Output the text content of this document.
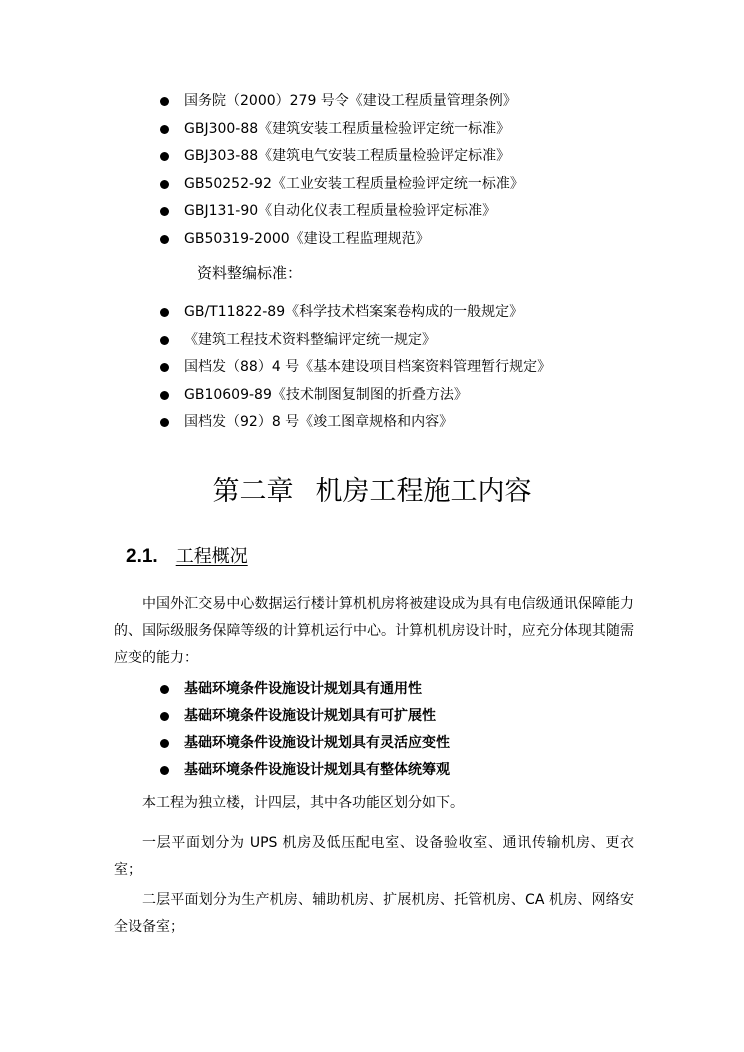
国务院（2000）279 号令《建设工程质量管理条例》
GBJ300-88《建筑安装工程质量检验评定统一标准》
GBJ303-88《建筑电气安装工程质量检验评定标准》
GB50252-92《工业安装工程质量检验评定统一标准》
GBJ131-90《自动化仪表工程质量检验评定标准》
GB50319-2000《建设工程监理规范》
资料整编标准：
GB/T11822-89《科学技术档案案卷构成的一般规定》
《建筑工程技术资料整编评定统一规定》
国档发（88）4 号《基本建设项目档案资料管理暂行规定》
GB10609-89《技术制图复制图的折叠方法》
国档发（92）8 号《竣工图章规格和内容》
第二章 机房工程施工内容
2.1. 工程概况

中国外汇交易中心数据运行楼计算机机房将被建设成为具有电信级通讯保障能力的、国际级服务保障等级的计算机运行中心。计算机机房设计时，应充分体现其随需应变的能力：

基础环境条件设施设计规划具有通用性
基础环境条件设施设计规划具有可扩展性
基础环境条件设施设计规划具有灵活应变性
基础环境条件设施设计规划具有整体统筹观

本工程为独立楼，计四层，其中各功能区划分如下。

一层平面划分为 UPS 机房及低压配电室、设备验收室、通讯传输机房、更衣室；

二层平面划分为生产机房、辅助机房、扩展机房、托管机房、CA 机房、网络安全设备室；
